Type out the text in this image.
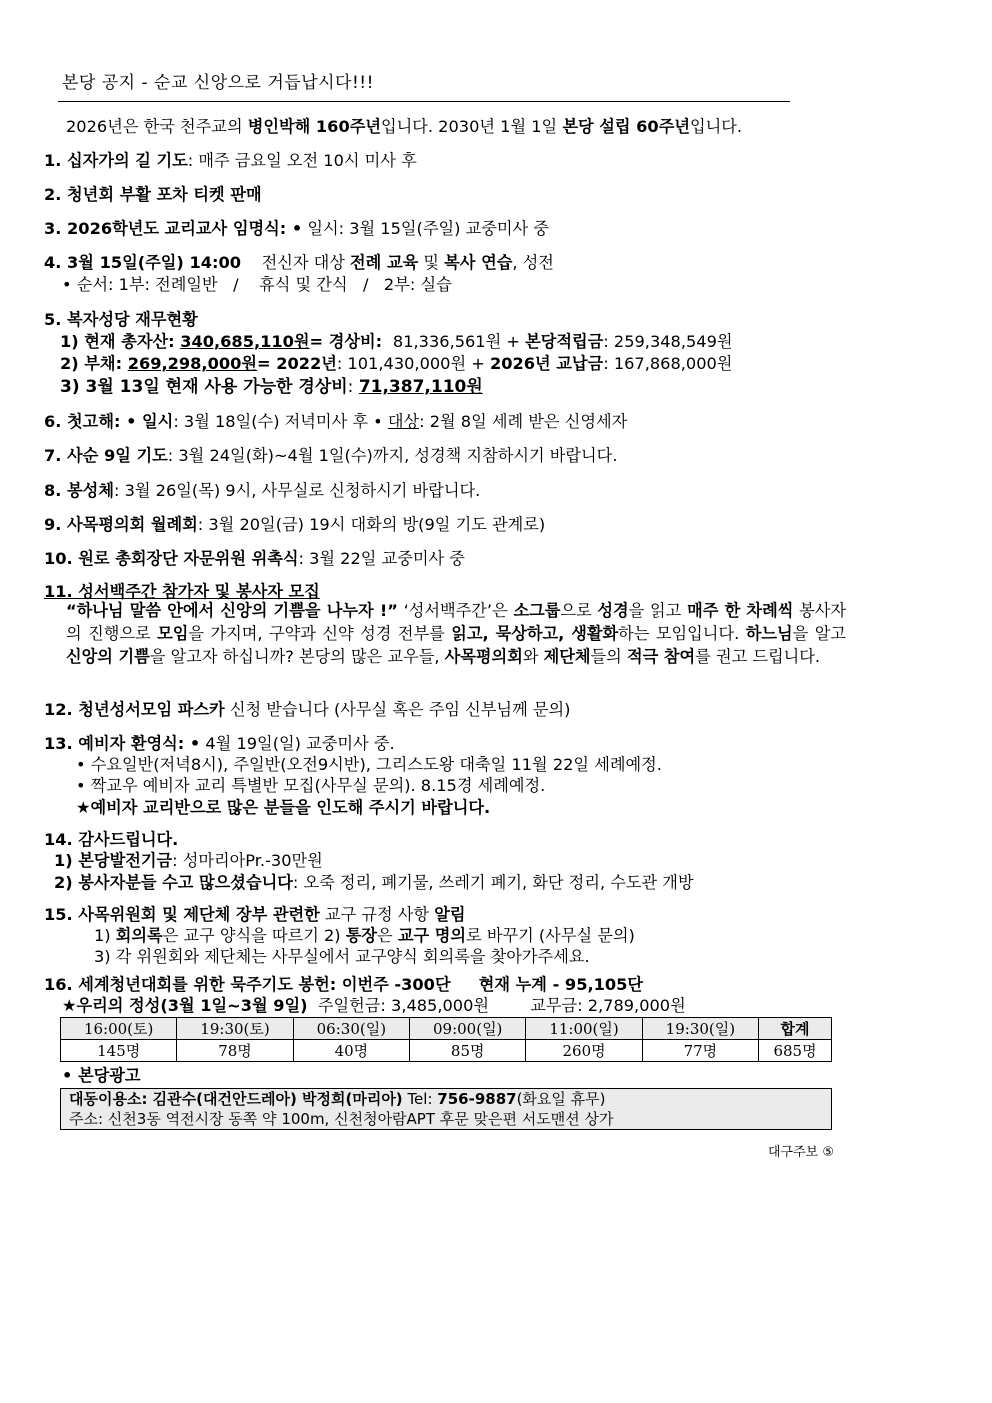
본당 공지 - 순교 신앙으로 거듭납시다!!!
2026년은 한국 천주교의 병인박해 160주년입니다. 2030년 1월 1일 본당 설립 60주년입니다.
1. 십자가의 길 기도: 매주 금요일 오전 10시 미사 후
2. 청년회 부활 포차 티켓 판매
3. 2026학년도 교리교사 임명식: • 일시: 3월 15일(주일) 교중미사 중
4. 3월 15일(주일) 14:00    전신자 대상 전례 교육 및 복사 연습, 성전
• 순서: 1부: 전례일반   /    휴식 및 간식   /   2부: 실습
5. 복자성당 재무현황
1) 현재 총자산: 340,685,110원= 경상비:  81,336,561원 + 본당적립금: 259,348,549원
2) 부채: 269,298,000원= 2022년: 101,430,000원 + 2026년 교납금: 167,868,000원
3) 3월 13일 현재 사용 가능한 경상비: 71,387,110원
6. 첫고해: • 일시: 3월 18일(수) 저녁미사 후 • 대상: 2월 8일 세례 받은 신영세자
7. 사순 9일 기도: 3월 24일(화)~4월 1일(수)까지, 성경책 지참하시기 바랍니다.
8. 봉성체: 3월 26일(목) 9시, 사무실로 신청하시기 바랍니다.
9. 사목평의회 월례회: 3월 20일(금) 19시 대화의 방(9일 기도 관계로)
10. 원로 총회장단 자문위원 위촉식: 3월 22일 교중미사 중
11. 성서백주간 참가자 및 봉사자 모집
“하나님 말씀 안에서 신앙의 기쁨을 나누자 !” ‘성서백주간’은 소그룹으로 성경을 읽고 매주 한 차례씩 봉사자의 진행으로 모임을 가지며, 구약과 신약 성경 전부를 읽고, 묵상하고, 생활화하는 모임입니다. 하느님을 알고 신앙의 기쁨을 알고자 하십니까? 본당의 많은 교우들, 사목평의회와 제단체들의 적극 참여를 권고 드립니다.
12. 청년성서모임 파스카 신청 받습니다 (사무실 혹은 주임 신부님께 문의)
13. 예비자 환영식: • 4월 19일(일) 교중미사 중.
• 수요일반(저녁8시), 주일반(오전9시반), 그리스도왕 대축일 11월 22일 세례예정.
• 짝교우 예비자 교리 특별반 모집(사무실 문의). 8.15경 세례예정.
★예비자 교리반으로 많은 분들을 인도해 주시기 바랍니다.
14. 감사드립니다.
1) 본당발전기금: 성마리아Pr.-30만원
2) 봉사자분들 수고 많으셨습니다: 오죽 정리, 폐기물, 쓰레기 폐기, 화단 정리, 수도관 개방
15. 사목위원회 및 제단체 장부 관련한 교구 규정 사항 알림
1) 회의록은 교구 양식을 따르기 2) 통장은 교구 명의로 바꾸기 (사무실 문의)
3) 각 위원회와 제단체는 사무실에서 교구양식 회의록을 찾아가주세요.
16. 세계청년대회를 위한 묵주기도 봉헌: 이번주 -300단     현재 누계 - 95,105단
★우리의 정성(3월 1일~3월 9일)  주일헌금: 3,485,000원        교무금: 2,789,000원
16:00(토)	19:30(토)	06:30(일)	09:00(일)	11:00(일)	19:30(일)	합계
145명	78명	40명	85명	260명	77명	685명
• 본당광고
대동이용소: 김관수(대건안드레아) 박정희(마리아) Tel: 756-9887(화요일 휴무)
주소: 신천3동 역전시장 동쪽 약 100m, 신천청아람APT 후문 맞은편 서도맨션 상가
대구주보 ⑤
